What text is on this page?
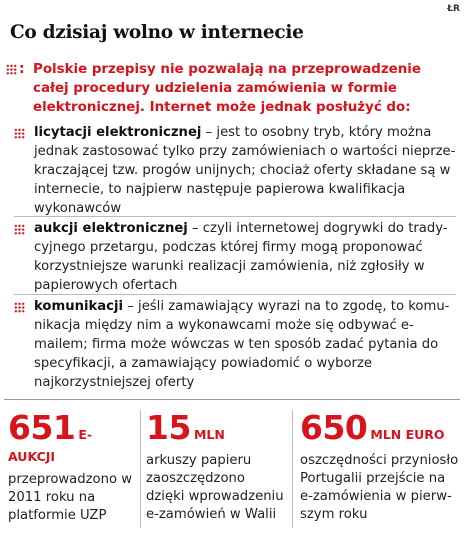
ŁR
Co dzisiaj wolno w internecie
: Polskie przepisy nie pozwalają na przeprowadzenie całej procedury udzielenia zamówienia w formie elektronicznej. Internet może jednak posłużyć do:
licytacji elektronicznej – jest to osobny tryb, który można jednak zastosować tylko przy zamówieniach o wartości nieprze-kraczającej tzw. progów unijnych; chociaż oferty składane są w internecie, to najpierw następuje papierowa kwalifikacja wykonawców
aukcji elektronicznej – czyli internetowej dogrywki do trady-cyjnego przetargu, podczas której firmy mogą proponować korzystniejsze warunki realizacji zamówienia, niż zgłosiły w papierowych ofertach
komunikacji – jeśli zamawiający wyrazi na to zgodę, to komu-nikacja między nim a wykonawcami może się odbywać e-mailem; firma może wówczas w ten sposób zadać pytania do specyfikacji, a zamawiający powiadomić o wyborze najkorzystniejszej oferty
651 E-AUKCJI
przeprowadzono w 2011 roku na platformie UZP
15 MLN
arkuszy papieru zaoszczędzono dzięki wprowadzeniu e-zamówień w Walii
650 MLN EURO
oszczędności przyniosło Portugalii przejście na e-zamówienia w pierw-szym roku
